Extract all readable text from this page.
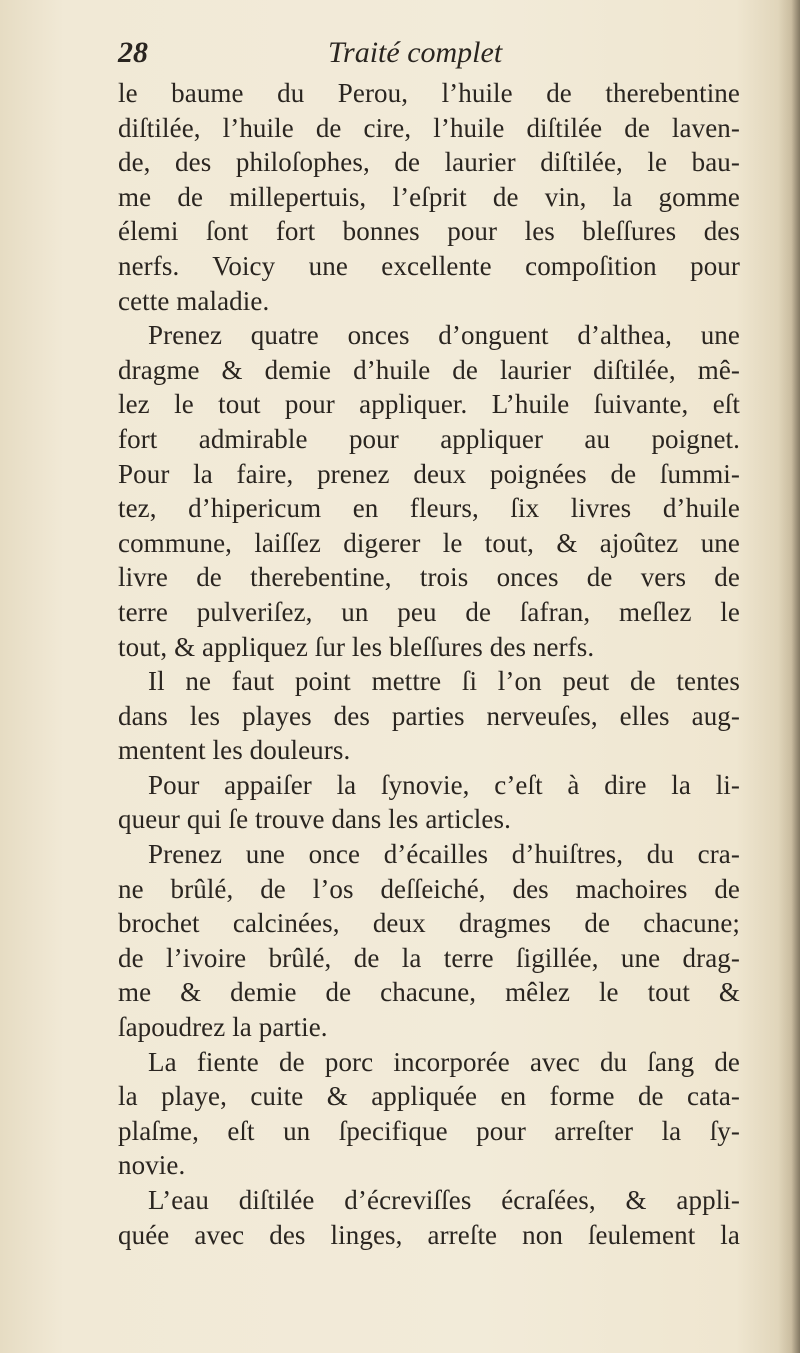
28	Traité complet
le baume du Perou, l’huile de therebentine
diſtilée, l’huile de cire, l’huile diſtilée de laven-
de, des philoſophes, de laurier diſtilée, le bau-
me de millepertuis, l’eſprit de vin, la gomme
élemi ſont fort bonnes pour les bleſſures des
nerfs. Voicy une excellente compoſition pour
cette maladie.
Prenez quatre onces d’onguent d’althea, une
dragme & demie d’huile de laurier diſtilée, mê-
lez le tout pour appliquer. L’huile ſuivante, eſt
fort admirable pour appliquer au poignet.
Pour la faire, prenez deux poignées de ſummi-
tez, d’hipericum en fleurs, ſix livres d’huile
commune, laiſſez digerer le tout, & ajoûtez une
livre de therebentine, trois onces de vers de
terre pulveriſez, un peu de ſafran, meſlez le
tout, & appliquez ſur les bleſſures des nerfs.
Il ne faut point mettre ſi l’on peut de tentes
dans les playes des parties nerveuſes, elles aug-
mentent les douleurs.
Pour appaiſer la ſynovie, c’eſt à dire la li-
queur qui ſe trouve dans les articles.
Prenez une once d’écailles d’huiſtres, du cra-
ne brûlé, de l’os deſſeiché, des machoires de
brochet calcinées, deux dragmes de chacune;
de l’ivoire brûlé, de la terre ſigillée, une drag-
me & demie de chacune, mêlez le tout &
ſapoudrez la partie.
La fiente de porc incorporée avec du ſang de
la playe, cuite & appliquée en forme de cata-
plaſme, eſt un ſpecifique pour arreſter la ſy-
novie.
L’eau diſtilée d’écreviſſes écraſées, & appli-
quée avec des linges, arreſte non ſeulement la
